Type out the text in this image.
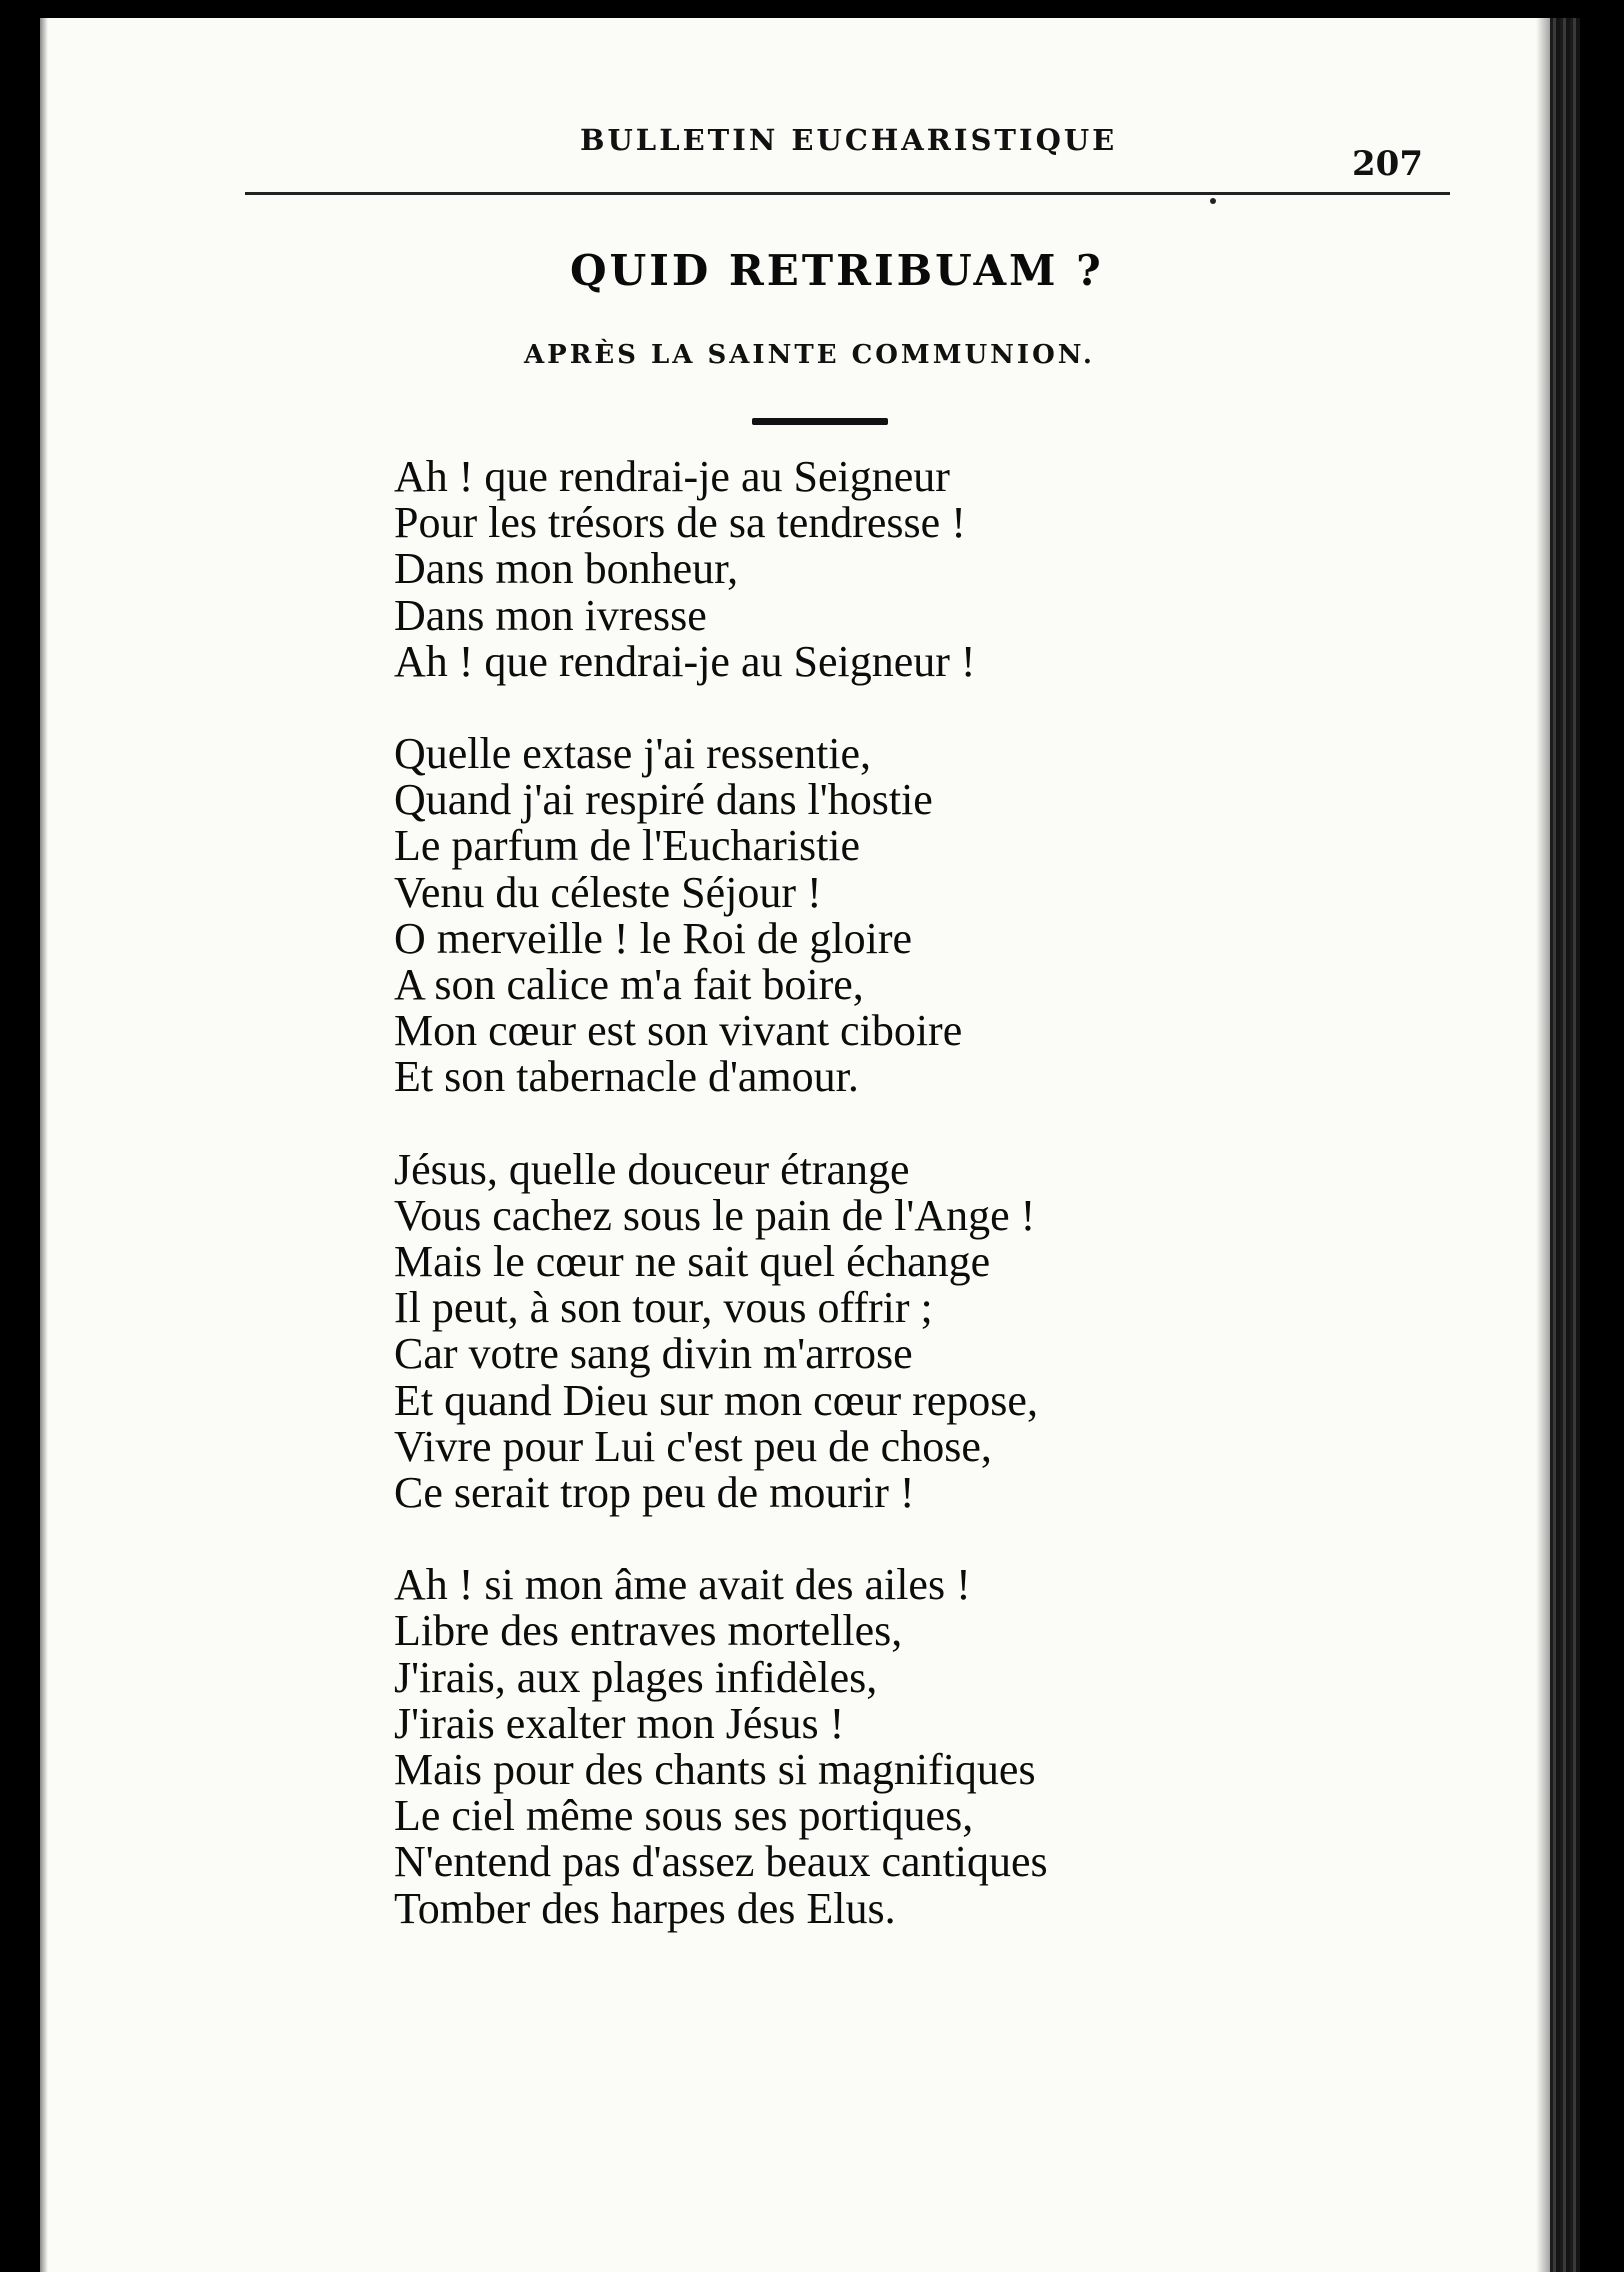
BULLETIN EUCHARISTIQUE
207
QUID RETRIBUAM ?
APRÈS LA SAINTE COMMUNION.
Ah ! que rendrai-je au Seigneur
Pour les trésors de sa tendresse !
Dans mon bonheur,
Dans mon ivresse
Ah ! que rendrai-je au Seigneur !
Quelle extase j'ai ressentie,
Quand j'ai respiré dans l'hostie
Le parfum de l'Eucharistie
Venu du céleste Séjour !
O merveille ! le Roi de gloire
A son calice m'a fait boire,
Mon cœur est son vivant ciboire
Et son tabernacle d'amour.
Jésus, quelle douceur étrange
Vous cachez sous le pain de l'Ange !
Mais le cœur ne sait quel échange
Il peut, à son tour, vous offrir ;
Car votre sang divin m'arrose
Et quand Dieu sur mon cœur repose,
Vivre pour Lui c'est peu de chose,
Ce serait trop peu de mourir !
Ah ! si mon âme avait des ailes !
Libre des entraves mortelles,
J'irais, aux plages infidèles,
J'irais exalter mon Jésus !
Mais pour des chants si magnifiques
Le ciel même sous ses portiques,
N'entend pas d'assez beaux cantiques
Tomber des harpes des Elus.
